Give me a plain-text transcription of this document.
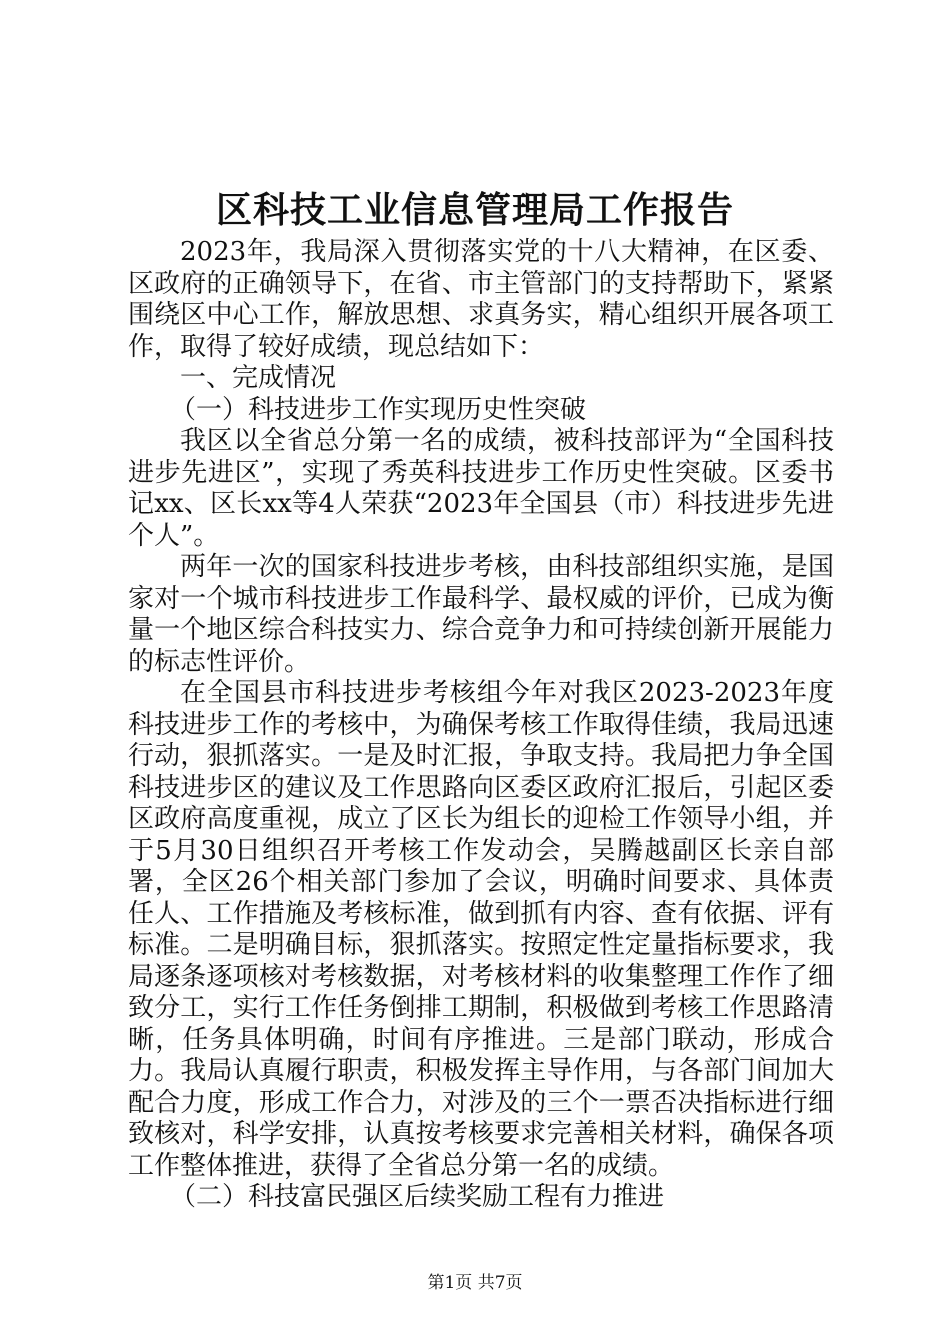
区科技工业信息管理局工作报告

2023年，我局深入贯彻落实党的十八大精神，在区委、区政府的正确领导下，在省、市主管部门的支持帮助下，紧紧围绕区中心工作，解放思想、求真务实，精心组织开展各项工作，取得了较好成绩，现总结如下：

一、完成情况

（一）科技进步工作实现历史性突破

我区以全省总分第一名的成绩，被科技部评为“全国科技进步先进区”，实现了秀英科技进步工作历史性突破。区委书记xx、区长xx等4人荣获“2023年全国县（市）科技进步先进个人”。

两年一次的国家科技进步考核，由科技部组织实施，是国家对一个城市科技进步工作最科学、最权威的评价，已成为衡量一个地区综合科技实力、综合竞争力和可持续创新开展能力的标志性评价。

在全国县市科技进步考核组今年对我区2023-2023年度科技进步工作的考核中，为确保考核工作取得佳绩，我局迅速行动，狠抓落实。一是及时汇报，争取支持。我局把力争全国科技进步区的建议及工作思路向区委区政府汇报后，引起区委区政府高度重视，成立了区长为组长的迎检工作领导小组，并于5月30日组织召开考核工作发动会，吴腾越副区长亲自部署，全区26个相关部门参加了会议，明确时间要求、具体责任人、工作措施及考核标准，做到抓有内容、查有依据、评有标准。二是明确目标，狠抓落实。按照定性定量指标要求，我局逐条逐项核对考核数据，对考核材料的收集整理工作作了细致分工，实行工作任务倒排工期制，积极做到考核工作思路清晰，任务具体明确，时间有序推进。三是部门联动，形成合力。我局认真履行职责，积极发挥主导作用，与各部门间加大配合力度，形成工作合力，对涉及的三个一票否决指标进行细致核对，科学安排，认真按考核要求完善相关材料，确保各项工作整体推进，获得了全省总分第一名的成绩。

（二）科技富民强区后续奖励工程有力推进

第1页 共7页
